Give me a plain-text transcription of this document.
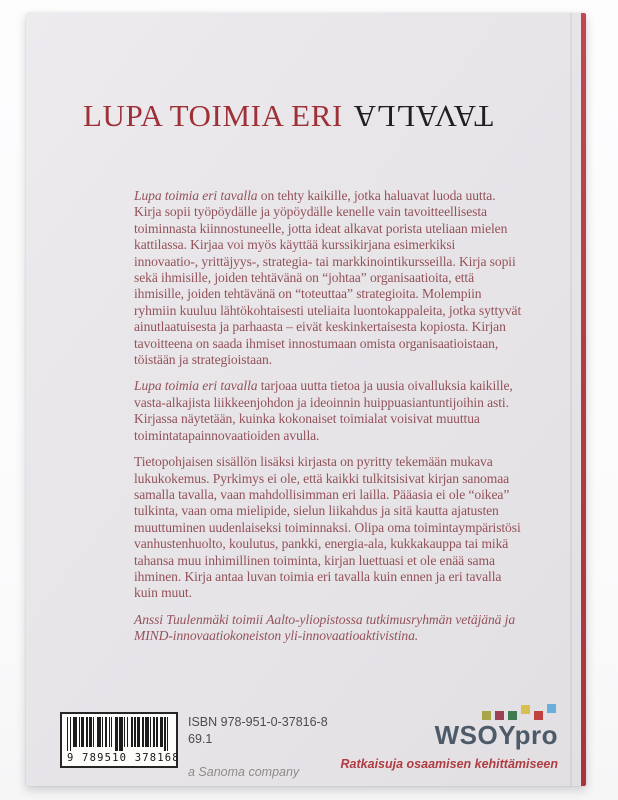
LUPA TOIMIA ERI TAVALLA

Lupa toimia eri tavalla on tehty kaikille, jotka haluavat luoda uutta. Kirja sopii työpöydälle ja yöpöydälle kenelle vain tavoitteellisesta toiminnasta kiinnostuneelle, jotta ideat alkavat porista uteliaan mielen kattilassa. Kirjaa voi myös käyttää kurssikirjana esimerkiksi innovaatio-, yrittäjyys-, strategia- tai markkinointikursseilla. Kirja sopii sekä ihmisille, joiden tehtävänä on “johtaa” organisaatioita, että ihmisille, joiden tehtävänä on “toteuttaa” strategioita. Molempiin ryhmiin kuuluu lähtökohtaisesti uteliaita luontokappaleita, jotka syttyvät ainutlaatuisesta ja parhaasta – eivät keskinkertaisesta kopiosta. Kirjan tavoitteena on saada ihmiset innostumaan omista organisaatioistaan, töistään ja strategioistaan.

Lupa toimia eri tavalla tarjoaa uutta tietoa ja uusia oivalluksia kaikille, vasta-alkajista liikkeenjohdon ja ideoinnin huippuasiantuntijoihin asti. Kirjassa näytetään, kuinka kokonaiset toimialat voisivat muuttua toimintatapainnovaatioiden avulla.

Tietopohjaisen sisällön lisäksi kirjasta on pyritty tekemään mukava lukukokemus. Pyrkimys ei ole, että kaikki tulkitsisivat kirjan sanomaa samalla tavalla, vaan mahdollisimman eri lailla. Pääasia ei ole “oikea” tulkinta, vaan oma mielipide, sielun liikahdus ja sitä kautta ajatusten muuttuminen uudenlaiseksi toiminnaksi. Olipa oma toimintaympäristösi vanhustenhuolto, koulutus, pankki, energia-ala, kukkakauppa tai mikä tahansa muu inhimillinen toiminta, kirjan luettuasi et ole enää sama ihminen. Kirja antaa luvan toimia eri tavalla kuin ennen ja eri tavalla kuin muut.

Anssi Tuulenmäki toimii Aalto-yliopistossa tutkimusryhmän vetäjänä ja MIND-innovaatiokoneiston yli-innovaatioaktivistina.

9 789510 378168
ISBN 978-951-0-37816-8
69.1
a Sanoma company
WSOYpro
Ratkaisuja osaamisen kehittämiseen
